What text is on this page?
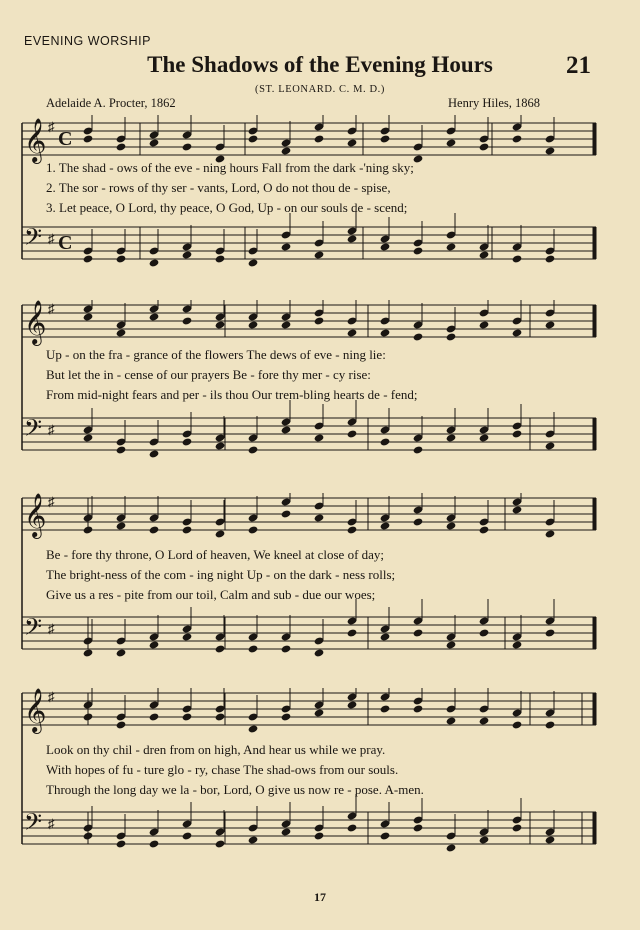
EVENING WORSHIP
The Shadows of the Evening Hours	21
(ST. LEONARD. C. M. D.)
Adelaide A. Procter, 1862	Henry Hiles, 1868
𝄞 ♯
C
𝄢 ♯ C
1. The shad - ows of the eve - ning hours Fall from the dark -'ning sky;
2. The sor - rows of thy ser - vants, Lord, O do not thou de - spise,
3. Let peace, O Lord, thy peace, O God, Up - on our souls de - scend;
𝄞 ♯
𝄢 ♯
Up - on the fra - grance of the flowers The dews of eve - ning lie:
But let the in - cense of our prayers Be - fore thy mer - cy rise:
From mid-night fears and per - ils thou Our trem-bling hearts de - fend;
𝄞 ♯
𝄢 ♯
Be - fore thy throne, O Lord of heaven, We kneel at close of day;
The bright-ness of the com - ing night Up - on the dark - ness rolls;
Give us a res - pite from our toil, Calm and sub - due our woes;
𝄞 ♯
𝄢 ♯
Look on thy chil - dren from on high, And hear us while we pray.
With hopes of fu - ture glo - ry, chase The shad-ows from our souls.
Through the long day we la - bor, Lord, O give us now re - pose. A-men.
17
